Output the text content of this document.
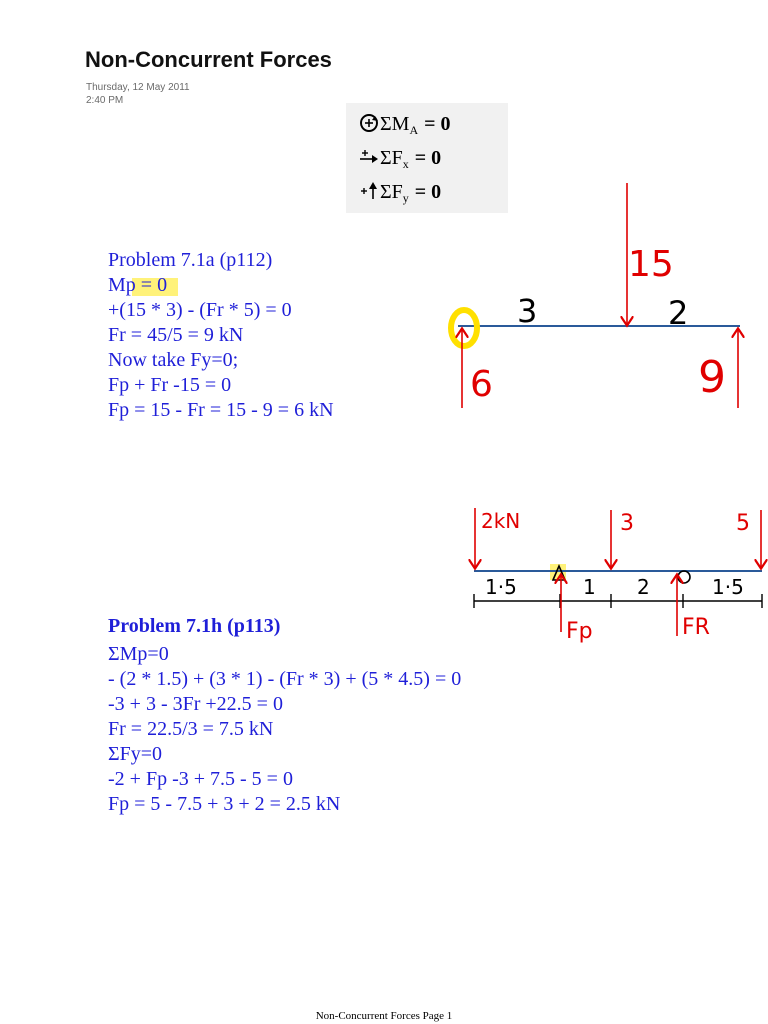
Non-Concurrent Forces
Thursday, 12 May 2011
2:40 PM
$\Sigma M_A = 0$
$\Sigma F_x = 0$
$\Sigma F_y = 0$
Problem 7.1a (p112)
Mp = 0
+(15 * 3) - (Fr * 5) = 0
Fr = 45/5 = 9 kN
Now take Fy=0;
Fp + Fr -15 = 0
Fp = 15 - Fr = 15 - 9 = 6 kN
Problem 7.1h (p113)
ΣMp=0
- (2 * 1.5) + (3 * 1) - (Fr * 3) + (5 * 4.5) = 0
-3 + 3 - 3Fr +22.5 = 0
Fr = 22.5/3 = 7.5 kN
ΣFy=0
-2 + Fp -3 + 7.5 - 5 = 0
Fp = 5 - 7.5 + 3 + 2 = 2.5 kN
15
3	2
6	9
2kN	3	5
1·5	1 2	1·5
Fp	FR
Non-Concurrent Forces Page 1
